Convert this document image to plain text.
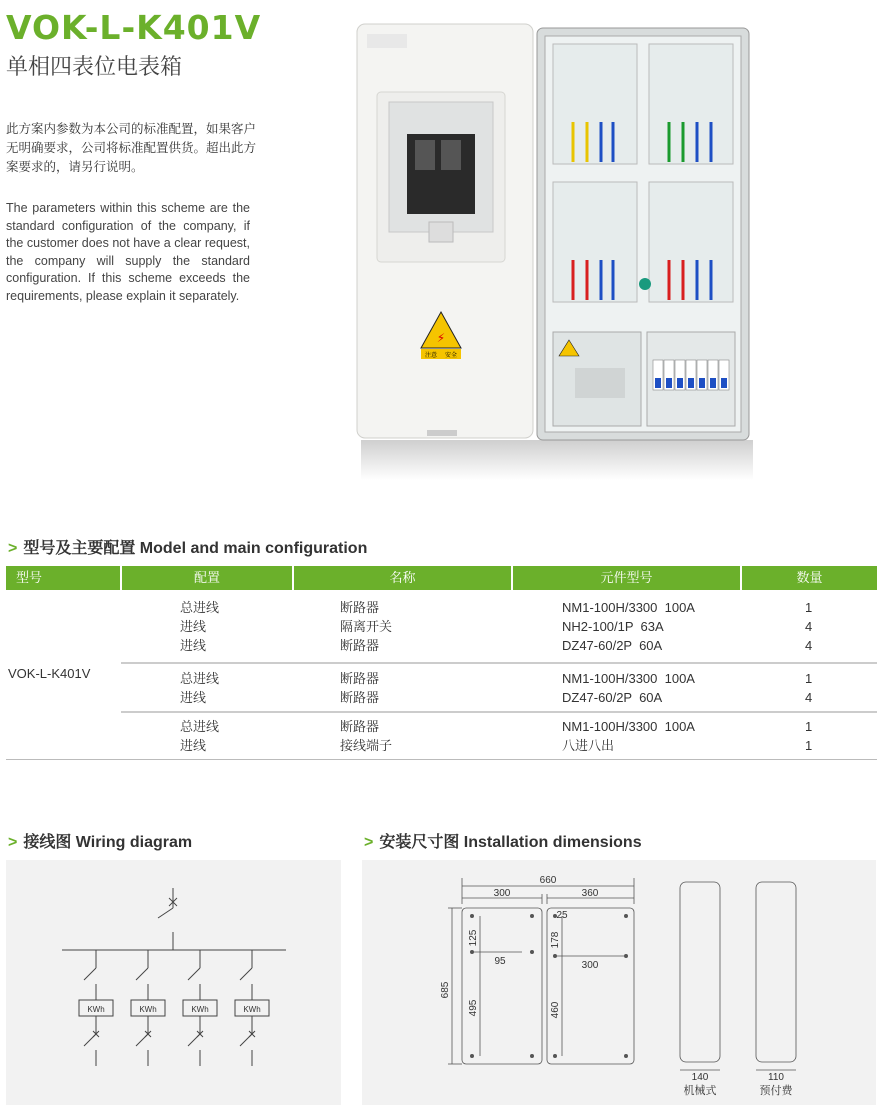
VOK-L-K401V
单相四表位电表箱
此方案内参数为本公司的标准配置，如果客户无明确要求，公司将标准配置供货。超出此方案要求的，请另行说明。
The parameters within this scheme are the standard configuration of the company, if the customer does not have a clear request, the company will supply the standard configuration. If this scheme exceeds the requirements, please explain it separately.
⚡
注意 安全
> 型号及主要配置 Model and main configuration
型号	配置	名称	元件型号	数量
VOK-L-K401V
总进线	断路器	NM1-100H/3300  100A	1
进线	隔离开关	NH2-100/1P  63A	4
进线	断路器	DZ47-60/2P  60A	4
总进线	断路器	NM1-100H/3300  100A	1
进线	断路器	DZ47-60/2P  60A	4
总进线	断路器	NM1-100H/3300  100A	1
进线	接线端子	八进八出	1
> 接线图 Wiring diagram
KWh	KWh	KWh	KWh
> 安装尺寸图 Installation dimensions
660
300	360
685
125
95
495
25
178
300
460
140	110
机械式	预付费
